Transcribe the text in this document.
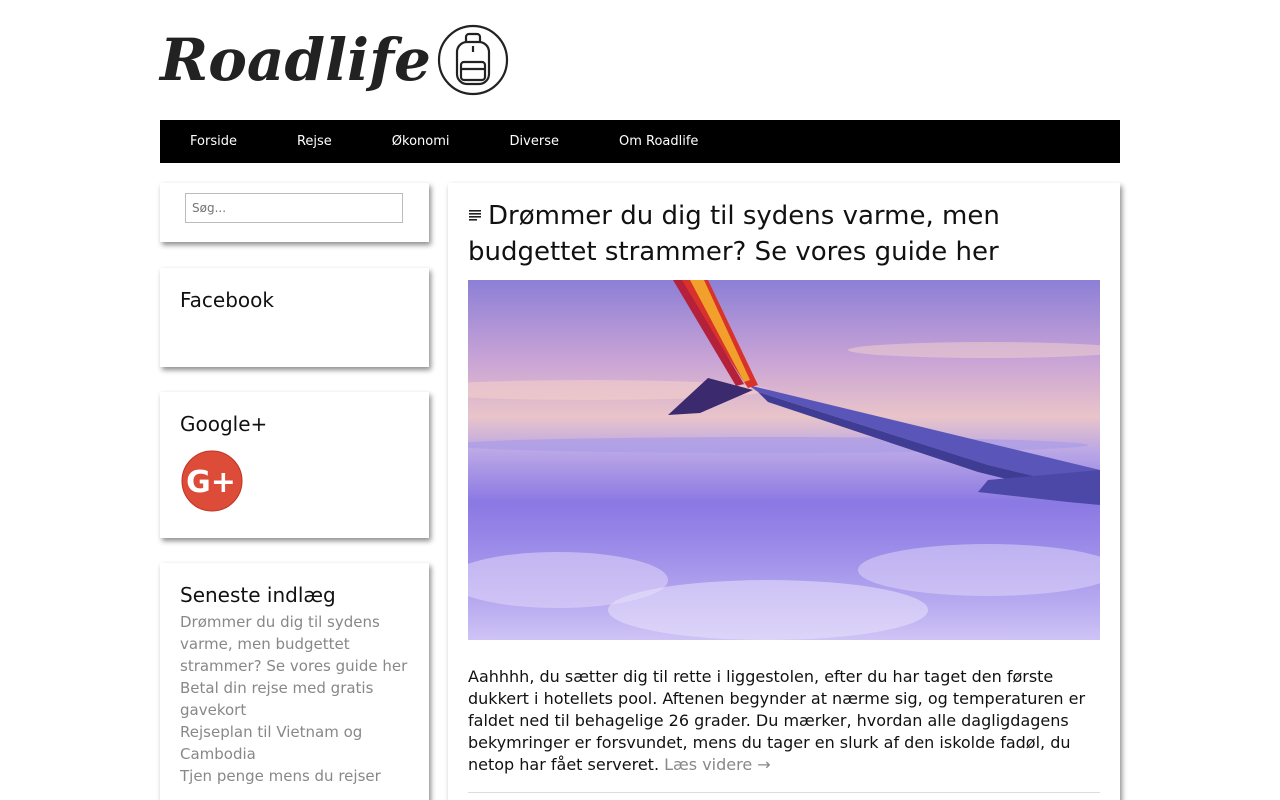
Roadlife
Forside	Rejse	Økonomi	Diverse	Om Roadlife
Søg...
Facebook
Google+
G+
Seneste indlæg
Drømmer du dig til sydens varme, men budgettet strammer? Se vores guide her
Betal din rejse med gratis gavekort
Rejseplan til Vietnam og Cambodia
Tjen penge mens du rejser
Drømmer du dig til sydens varme, men budgettet strammer? Se vores guide her

Aahhhh, du sætter dig til rette i liggestolen, efter du har taget den første dukkert i hotellets pool. Aftenen begynder at nærme sig, og temperaturen er faldet ned til behagelige 26 grader. Du mærker, hvordan alle dagligdagens bekymringer er forsvundet, mens du tager en slurk af den iskolde fadøl, du netop har fået serveret. Læs videre →
